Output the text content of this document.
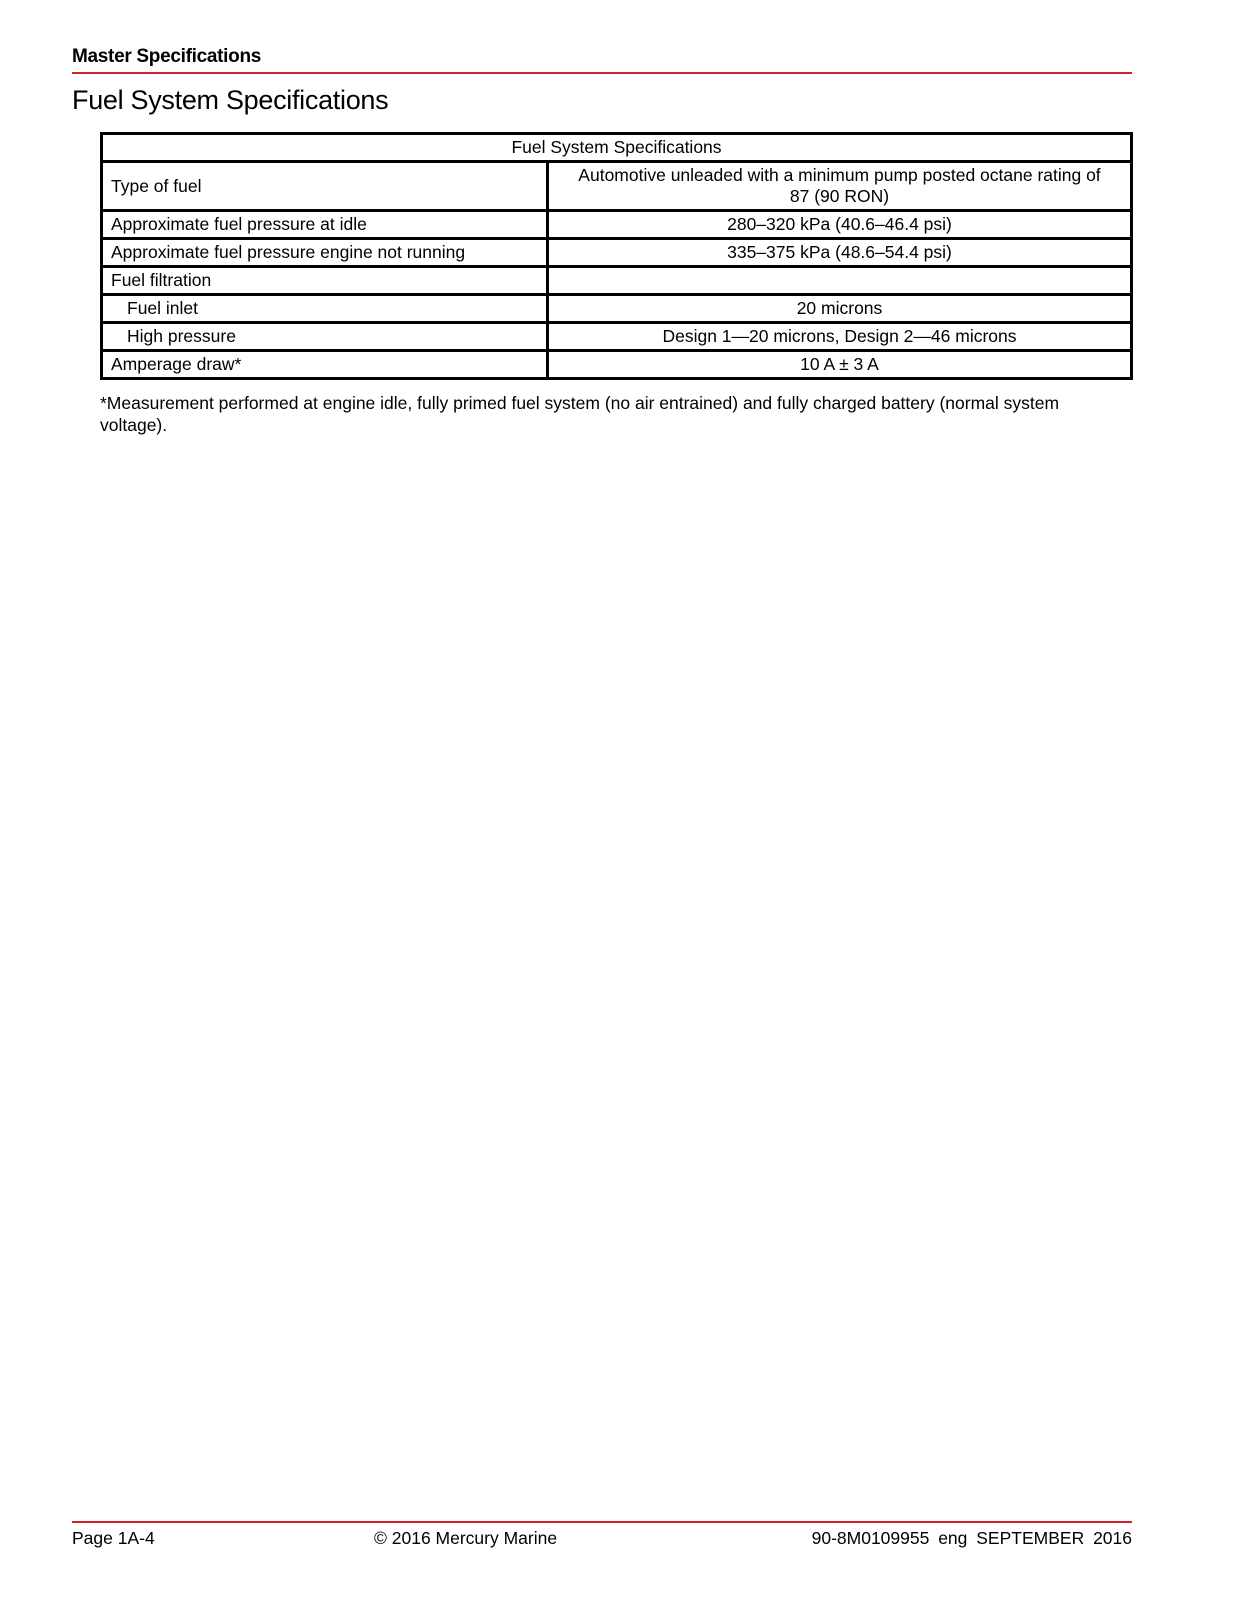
Master Specifications
Fuel System Specifications
Fuel System Specifications	
Type of fuel	Automotive unleaded with a minimum pump posted octane rating of 87 (90 RON)

Approximate fuel pressure at idle	280–320 kPa (40.6–46.4 psi)
Approximate fuel pressure engine not running	335–375 kPa (48.6–54.4 psi)
Fuel filtration	
Fuel inlet	20 microns
High pressure	Design 1—20 microns, Design 2—46 microns
Amperage draw*	10 A ± 3 A
*Measurement performed at engine idle, fully primed fuel system (no air entrained) and fully charged battery (normal system voltage).
Page 1A-4	© 2016 Mercury Marine	90-8M0109955 eng SEPTEMBER 2016
